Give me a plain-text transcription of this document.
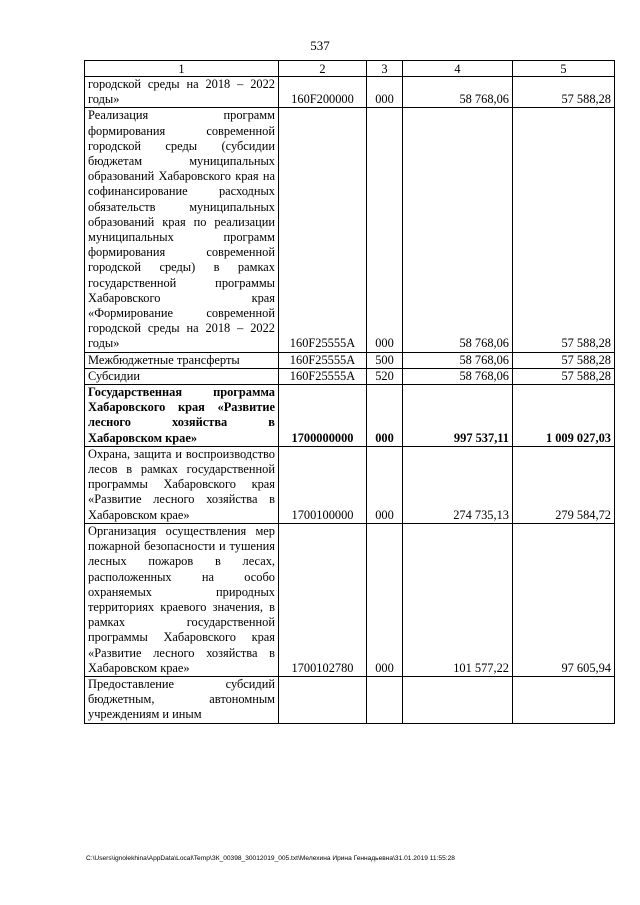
537
1	2	3	4	5
городской среды на 2018 – 2022 годы»	160F200000	000	58 768,06	57 588,28
Реализация программ формирования современной городской среды (субсидии бюджетам муниципальных образований Хабаровского края на софинансирование расходных обязательств муниципальных образований края по реализации муниципальных программ формирования современной городской среды) в рамках государственной программы Хабаровского края «Формирование современной городской среды на 2018 – 2022 годы»	160F25555A	000	58 768,06	57 588,28
Межбюджетные трансферты	160F25555A	500	58 768,06	57 588,28
Субсидии	160F25555A	520	58 768,06	57 588,28
Государственная программа Хабаровского края «Развитие лесного хозяйства в Хабаровском крае»	1700000000	000	997 537,11	1 009 027,03
Охрана, защита и воспроизводство лесов в рамках государственной программы Хабаровского края «Развитие лесного хозяйства в Хабаровском крае»	1700100000	000	274 735,13	279 584,72
Организация осуществления мер пожарной безопасности и тушения лесных пожаров в лесах, расположенных на особо охраняемых природных территориях краевого значения, в рамках государственной программы Хабаровского края «Развитие лесного хозяйства в Хабаровском крае»	1700102780	000	101 577,22	97 605,94
Предоставление субсидий бюджетным, автономным учреждениям и иным				
C:\Users\ignolekhina\AppData\Local\Temp\ЗК_00398_30012019_005.txt\Мелехина Ирина Геннадьевна\31.01.2019 11:55:28
